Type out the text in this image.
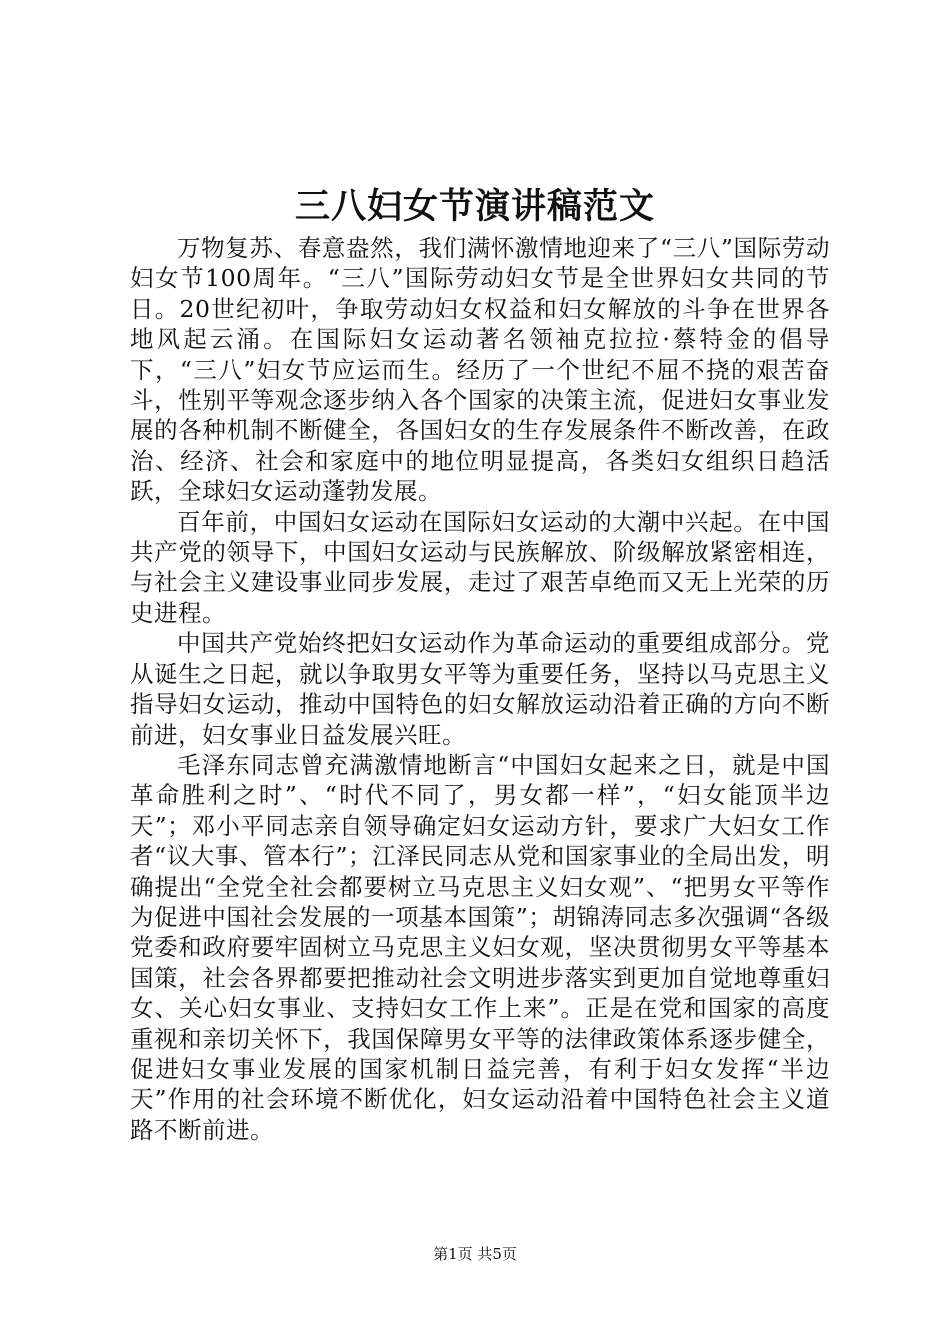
三八妇女节演讲稿范文

万物复苏、春意盎然，我们满怀激情地迎来了“三八”国际劳动妇女节100周年。“三八”国际劳动妇女节是全世界妇女共同的节日。20世纪初叶，争取劳动妇女权益和妇女解放的斗争在世界各地风起云涌。在国际妇女运动著名领袖克拉拉·蔡特金的倡导下，“三八”妇女节应运而生。经历了一个世纪不屈不挠的艰苦奋斗，性别平等观念逐步纳入各个国家的决策主流，促进妇女事业发展的各种机制不断健全，各国妇女的生存发展条件不断改善，在政治、经济、社会和家庭中的地位明显提高，各类妇女组织日趋活跃，全球妇女运动蓬勃发展。

百年前，中国妇女运动在国际妇女运动的大潮中兴起。在中国共产党的领导下，中国妇女运动与民族解放、阶级解放紧密相连，与社会主义建设事业同步发展，走过了艰苦卓绝而又无上光荣的历史进程。

中国共产党始终把妇女运动作为革命运动的重要组成部分。党从诞生之日起，就以争取男女平等为重要任务，坚持以马克思主义指导妇女运动，推动中国特色的妇女解放运动沿着正确的方向不断前进，妇女事业日益发展兴旺。

毛泽东同志曾充满激情地断言“中国妇女起来之日，就是中国革命胜利之时”、“时代不同了，男女都一样”，“妇女能顶半边天”；邓小平同志亲自领导确定妇女运动方针，要求广大妇女工作者“议大事、管本行”；江泽民同志从党和国家事业的全局出发，明确提出“全党全社会都要树立马克思主义妇女观”、“把男女平等作为促进中国社会发展的一项基本国策”；胡锦涛同志多次强调“各级党委和政府要牢固树立马克思主义妇女观，坚决贯彻男女平等基本国策，社会各界都要把推动社会文明进步落实到更加自觉地尊重妇女、关心妇女事业、支持妇女工作上来”。正是在党和国家的高度重视和亲切关怀下，我国保障男女平等的法律政策体系逐步健全，促进妇女事业发展的国家机制日益完善，有利于妇女发挥“半边天”作用的社会环境不断优化，妇女运动沿着中国特色社会主义道路不断前进。

第1页 共5页
